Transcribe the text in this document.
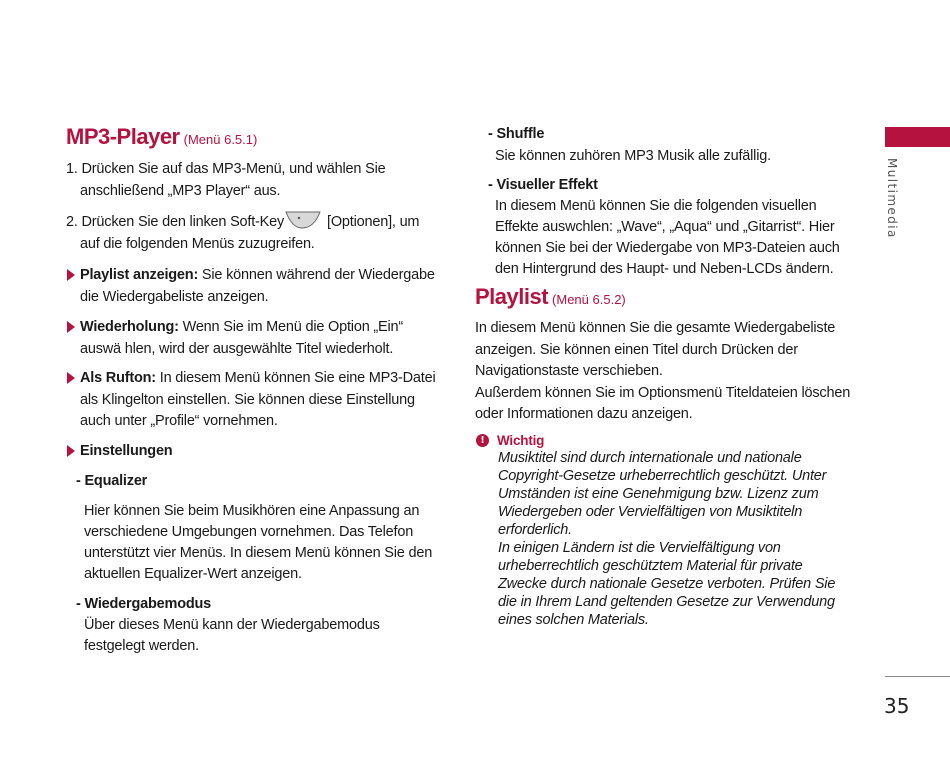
Multimedia
35
MP3-Player (Menü 6.5.1)
1. Drücken Sie auf das MP3-Menü, und wählen Sie
anschließend „MP3 Player“ aus.
2. Drücken Sie den linken Soft-Key	[Optionen], um
auf die folgenden Menüs zuzugreifen.
Playlist anzeigen: Sie können während der Wiedergabe
die Wiedergabeliste anzeigen.
Wiederholung: Wenn Sie im Menü die Option „Ein“
auswä hlen, wird der ausgewählte Titel wiederholt.
Als Rufton: In diesem Menü können Sie eine MP3-Datei
als Klingelton einstellen. Sie können diese Einstellung
auch unter „Profile“ vornehmen.
Einstellungen
- Equalizer
Hier können Sie beim Musikhören eine Anpassung an
verschiedene Umgebungen vornehmen. Das Telefon
unterstützt vier Menüs. In diesem Menü können Sie den
aktuellen Equalizer-Wert anzeigen.
- Wiedergabemodus
Über dieses Menü kann der Wiedergabemodus
festgelegt werden.
- Shuffle
Sie können zuhören MP3 Musik alle zufällig.
- Visueller Effekt
In diesem Menü können Sie die folgenden visuellen
Effekte auswchlen: „Wave“, „Aqua“ und „Gitarrist“. Hier
können Sie bei der Wiedergabe von MP3-Dateien auch
den Hintergrund des Haupt- und Neben-LCDs ändern.
Playlist (Menü 6.5.2)
In diesem Menü können Sie die gesamte Wiedergabeliste
anzeigen. Sie können einen Titel durch Drücken der
Navigationstaste verschieben.
Außerdem können Sie im Optionsmenü Titeldateien löschen
oder Informationen dazu anzeigen.
! Wichtig
Musiktitel sind durch internationale und nationale
Copyright-Gesetze urheberrechtlich geschützt. Unter
Umständen ist eine Genehmigung bzw. Lizenz zum
Wiedergeben oder Vervielfältigen von Musiktiteln
erforderlich.
In einigen Ländern ist die Vervielfältigung von
urheberrechtlich geschütztem Material für private
Zwecke durch nationale Gesetze verboten. Prüfen Sie
die in Ihrem Land geltenden Gesetze zur Verwendung
eines solchen Materials.
